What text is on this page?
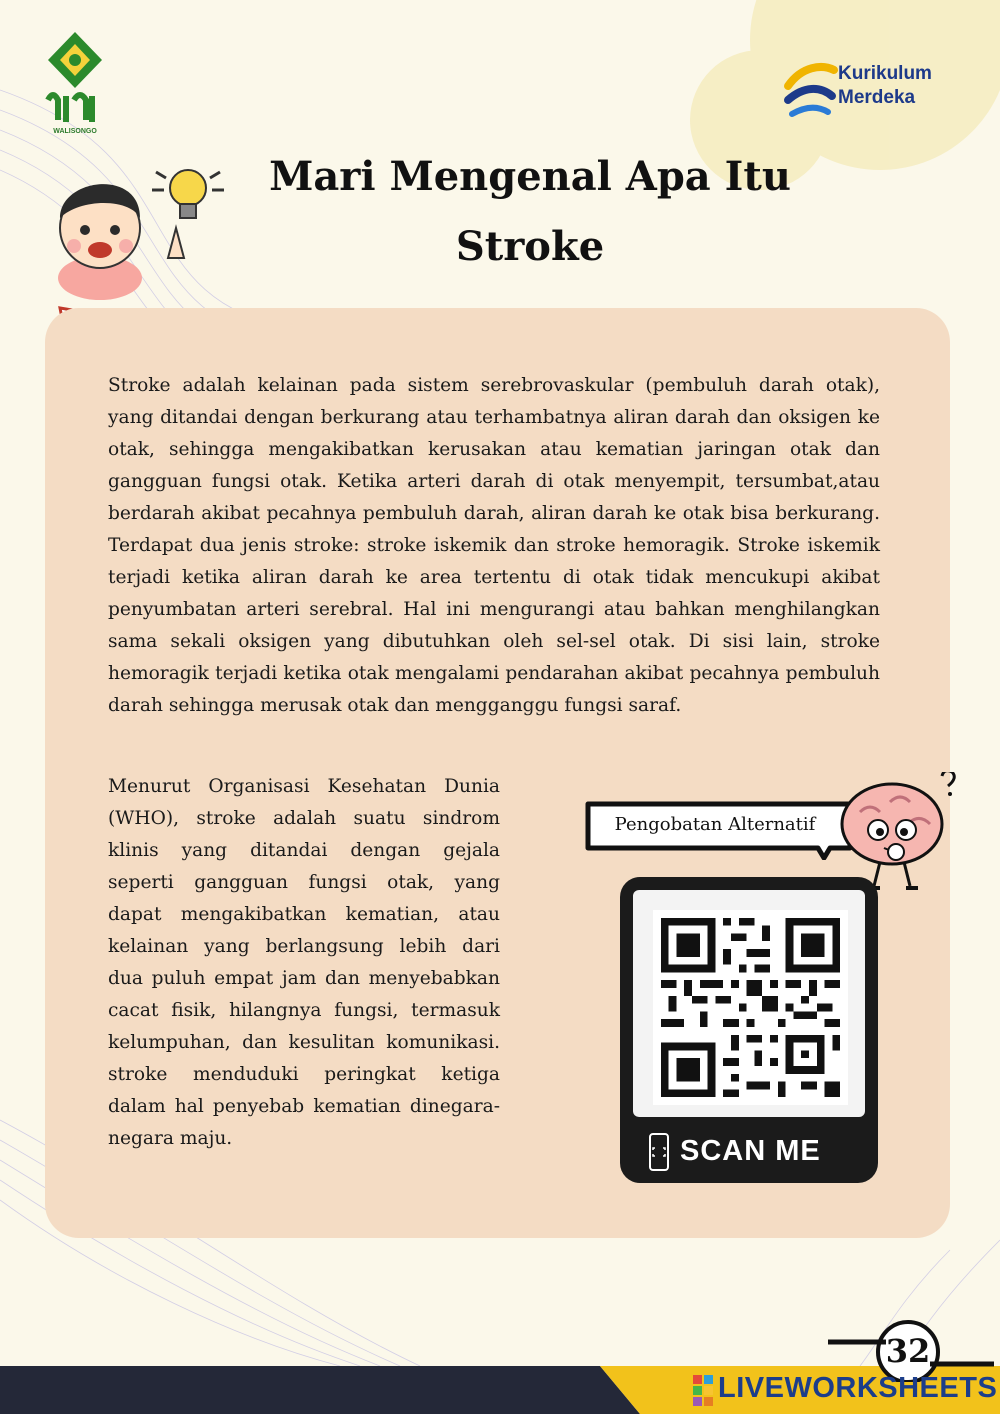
WALISONGO
Kurikulum
Merdeka
Mari Mengenal Apa Itu
Stroke

Stroke adalah kelainan pada sistem serebrovaskular (pembuluh darah otak), yang ditandai dengan berkurang atau terhambatnya aliran darah dan oksigen ke otak, sehingga mengakibatkan kerusakan atau kematian jaringan otak dan gangguan fungsi otak. Ketika arteri darah di otak menyempit, tersumbat,atau berdarah akibat pecahnya pembuluh darah, aliran darah ke otak bisa berkurang. Terdapat dua jenis stroke: stroke iskemik dan stroke hemoragik. Stroke iskemik terjadi ketika aliran darah ke area tertentu di otak tidak mencukupi akibat penyumbatan arteri serebral. Hal ini mengurangi atau bahkan menghilangkan sama sekali oksigen yang dibutuhkan oleh sel-sel otak. Di sisi lain, stroke hemoragik terjadi ketika otak mengalami pendarahan akibat pecahnya pembuluh darah sehingga merusak otak dan mengganggu fungsi saraf.

Menurut Organisasi Kesehatan Dunia (WHO), stroke adalah suatu sindrom klinis yang ditandai dengan gejala seperti gangguan fungsi otak, yang dapat mengakibatkan kematian, atau kelainan yang berlangsung lebih dari dua puluh empat jam dan menyebabkan cacat fisik, hilangnya fungsi, termasuk kelumpuhan, dan kesulitan komunikasi. stroke menduduki peringkat ketiga dalam hal penyebab kematian dinegara-negara maju.

Pengobatan Alternatif
SCAN ME
32
LIVEWORKSHEETS
